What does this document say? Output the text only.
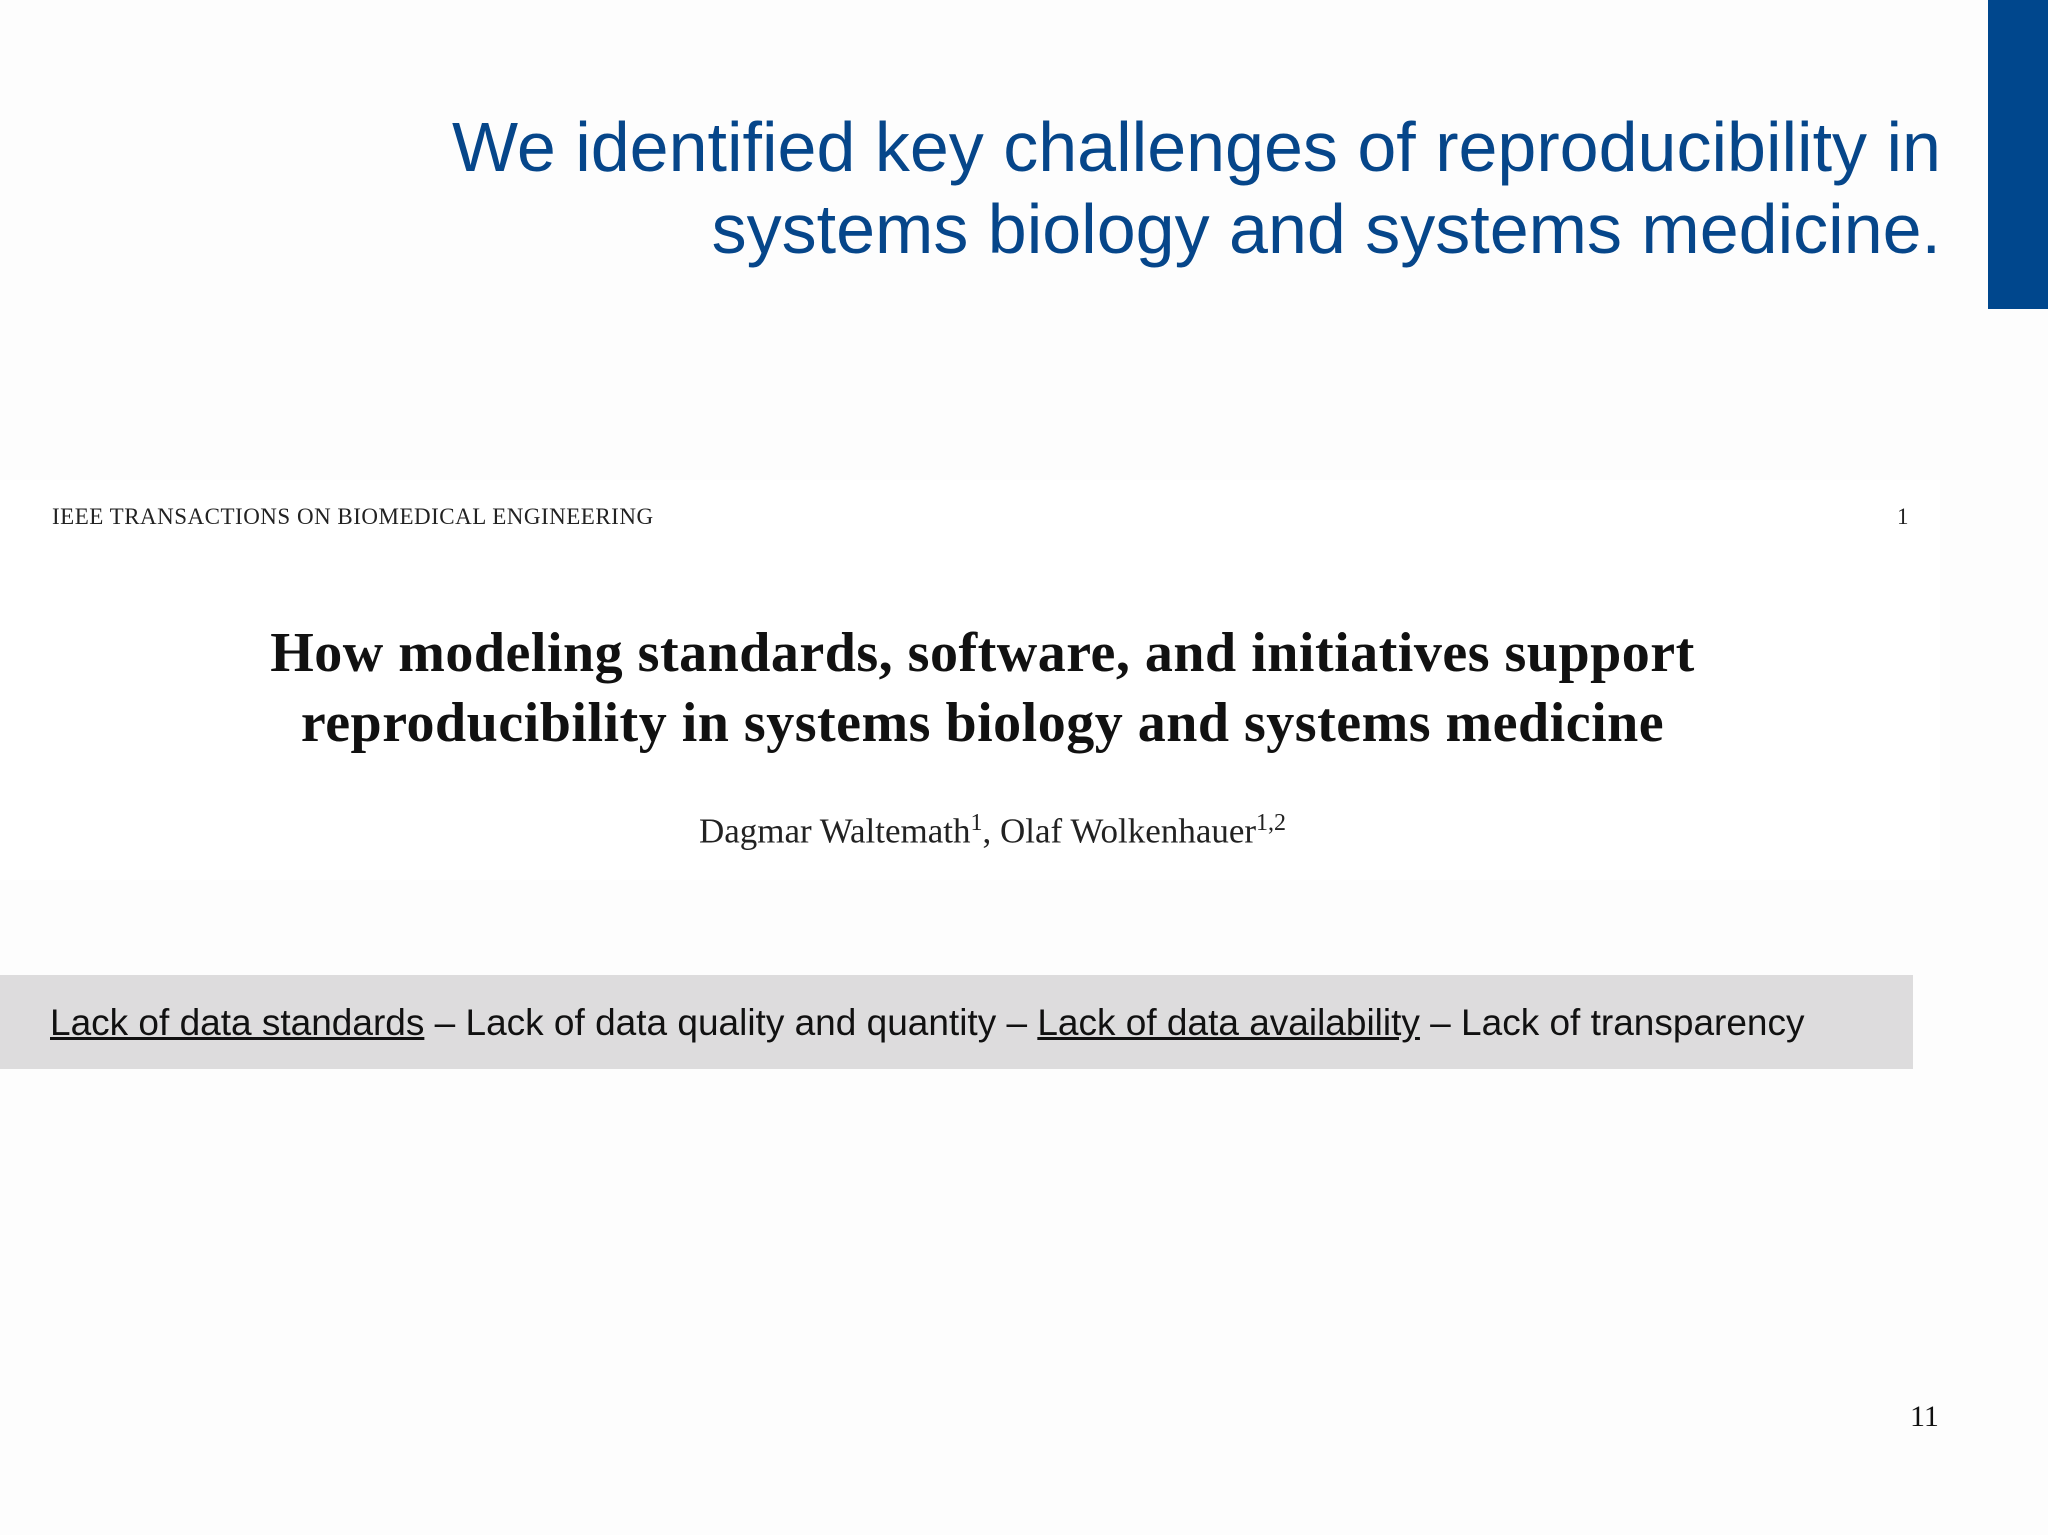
We identified key challenges of reproducibility in
systems biology and systems medicine.
IEEE TRANSACTIONS ON BIOMEDICAL ENGINEERING	1
How modeling standards, software, and initiatives support
reproducibility in systems biology and systems medicine
Dagmar Waltemath$^1$, Olaf Wolkenhauer$^{1,2}$
Lack of data standards – Lack of data quality and quantity – Lack of data availability – Lack of transparency
11
